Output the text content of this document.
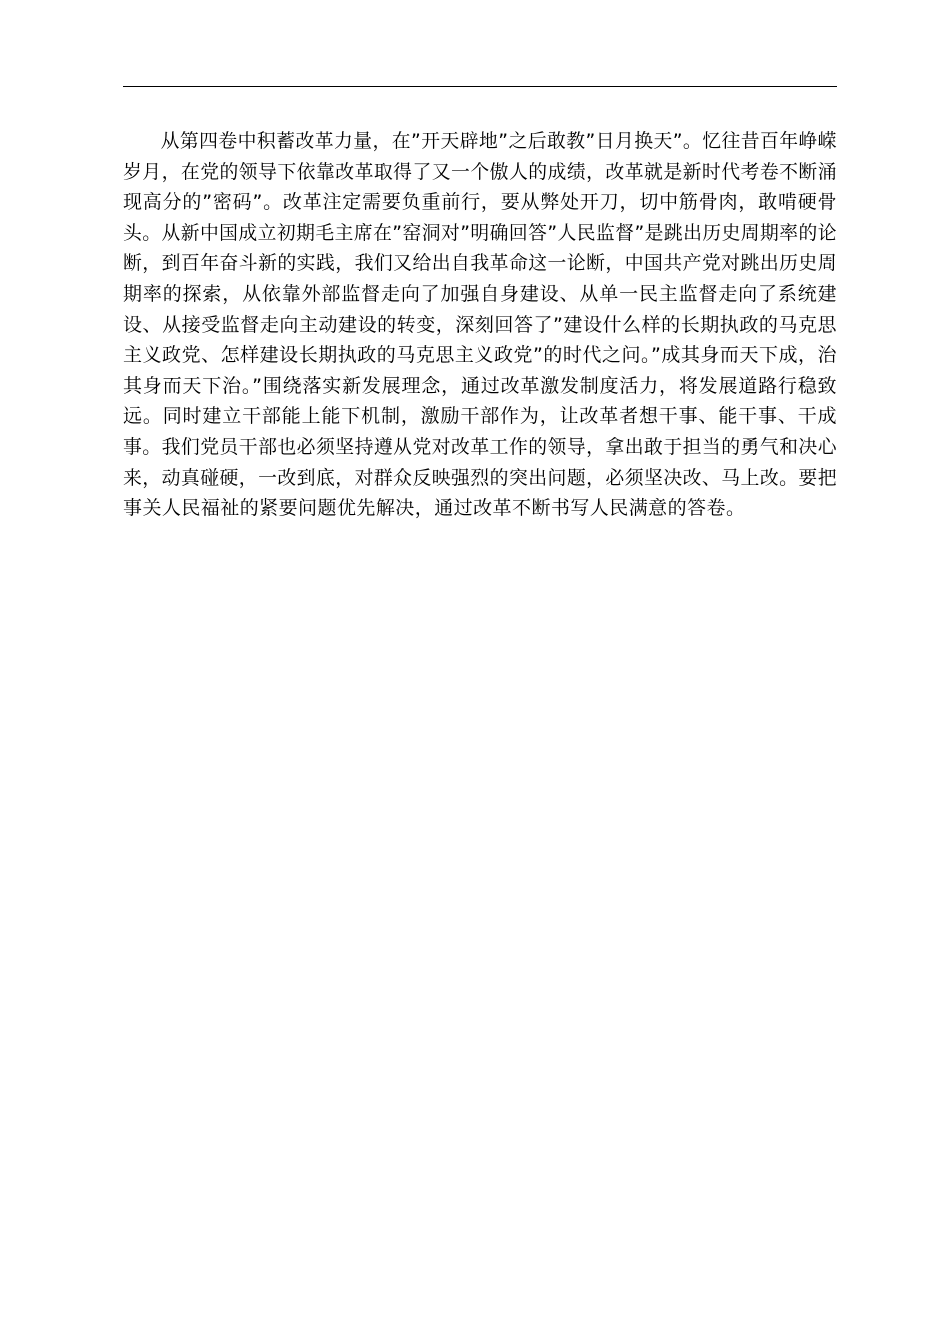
从第四卷中积蓄改革力量，在”开天辟地”之后敢教”日月换天”。忆往昔百年峥嵘
岁月，在党的领导下依靠改革取得了又一个傲人的成绩，改革就是新时代考卷不断涌
现高分的”密码”。改革注定需要负重前行，要从弊处开刀，切中筋骨肉，敢啃硬骨
头。从新中国成立初期毛主席在”窑洞对”明确回答”人民监督”是跳出历史周期率的论
断，到百年奋斗新的实践，我们又给出自我革命这一论断，中国共产党对跳出历史周
期率的探索，从依靠外部监督走向了加强自身建设、从单一民主监督走向了系统建
设、从接受监督走向主动建设的转变，深刻回答了”建设什么样的长期执政的马克思
主义政党、怎样建设长期执政的马克思主义政党”的时代之问。”成其身而天下成，治
其身而天下治。”围绕落实新发展理念，通过改革激发制度活力，将发展道路行稳致
远。同时建立干部能上能下机制，激励干部作为，让改革者想干事、能干事、干成
事。我们党员干部也必须坚持遵从党对改革工作的领导，拿出敢于担当的勇气和决心
来，动真碰硬，一改到底，对群众反映强烈的突出问题，必须坚决改、马上改。要把
事关人民福祉的紧要问题优先解决，通过改革不断书写人民满意的答卷。
